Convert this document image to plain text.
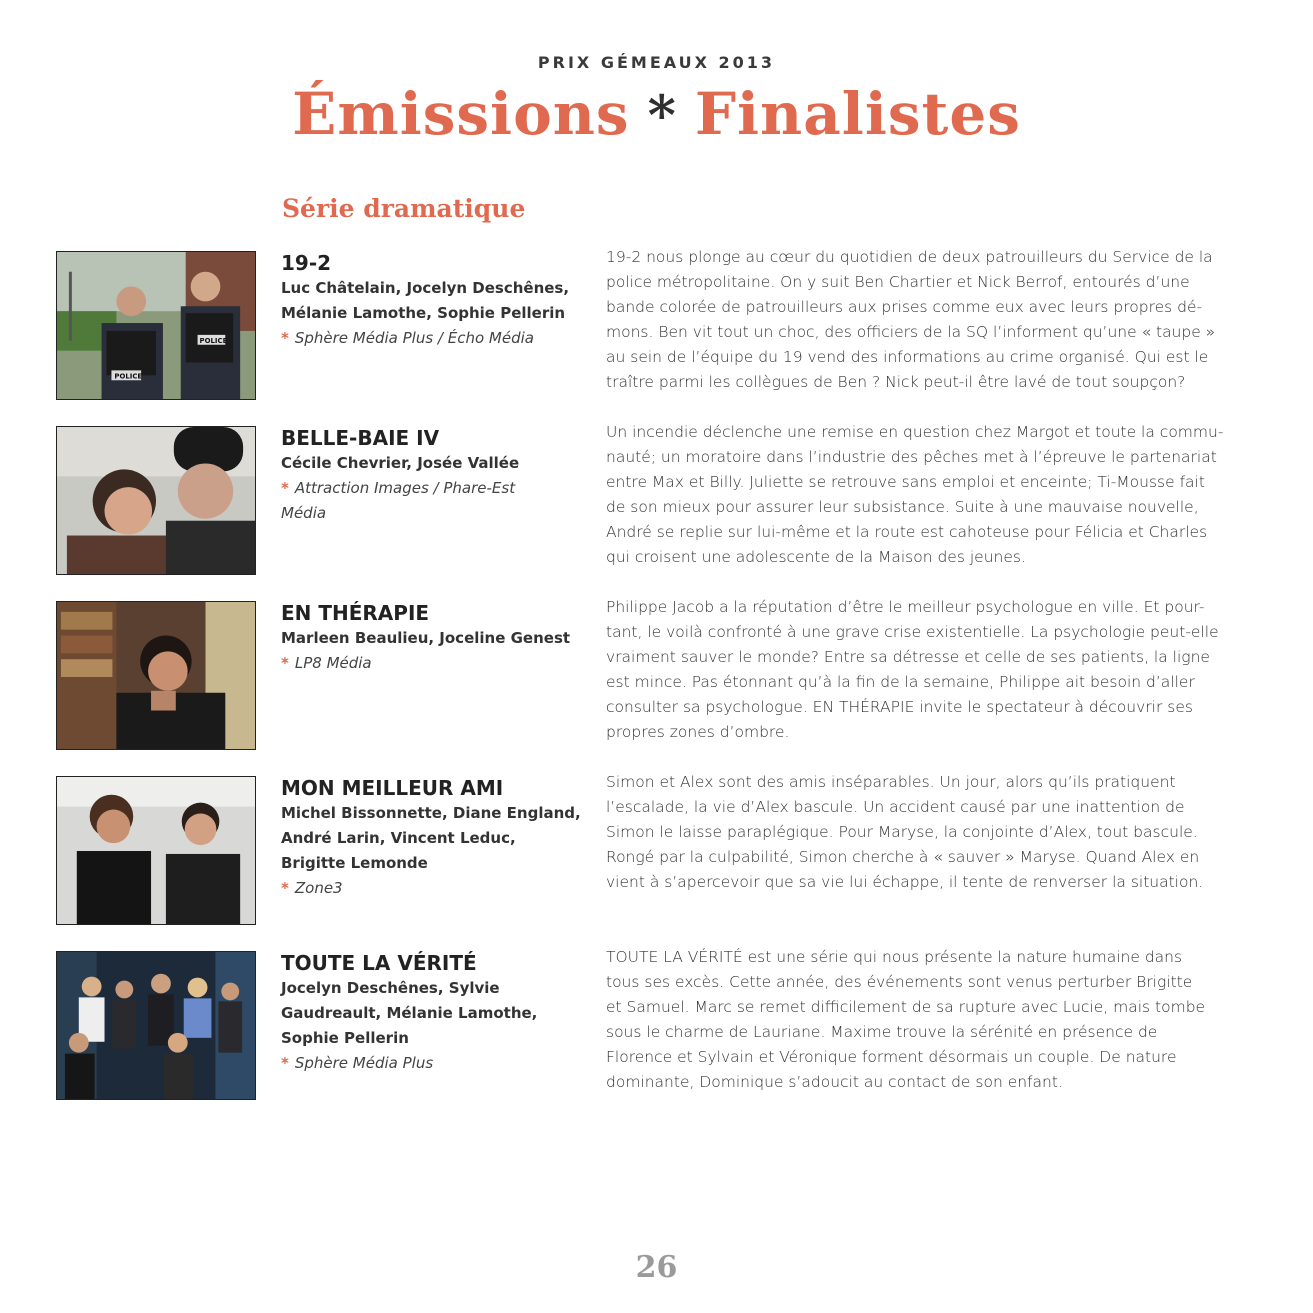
PRIX GÉMEAUX 2013
Émissions * Finalistes
Série dramatique
POLICE
POLICE
19-2
Luc Châtelain, Jocelyn Deschênes,
Mélanie Lamothe, Sophie Pellerin
* Sphère Média Plus / Écho Média
19-2 nous plonge au cœur du quotidien de deux patrouilleurs du Service de la
police métropolitaine. On y suit Ben Chartier et Nick Berrof, entourés d’une
bande colorée de patrouilleurs aux prises comme eux avec leurs propres dé-
mons. Ben vit tout un choc, des officiers de la SQ l’informent qu’une « taupe »
au sein de l’équipe du 19 vend des informations au crime organisé. Qui est le
traître parmi les collègues de Ben ? Nick peut-il être lavé de tout soupçon?
BELLE-BAIE IV
Cécile Chevrier, Josée Vallée
* Attraction Images / Phare-Est
Média
Un incendie déclenche une remise en question chez Margot et toute la commu-
nauté; un moratoire dans l’industrie des pêches met à l’épreuve le partenariat
entre Max et Billy. Juliette se retrouve sans emploi et enceinte; Ti-Mousse fait
de son mieux pour assurer leur subsistance. Suite à une mauvaise nouvelle,
André se replie sur lui-même et la route est cahoteuse pour Félicia et Charles
qui croisent une adolescente de la Maison des jeunes.
EN THÉRAPIE
Marleen Beaulieu, Joceline Genest
* LP8 Média
Philippe Jacob a la réputation d’être le meilleur psychologue en ville. Et pour-
tant, le voilà confronté à une grave crise existentielle. La psychologie peut-elle
vraiment sauver le monde? Entre sa détresse et celle de ses patients, la ligne
est mince. Pas étonnant qu’à la fin de la semaine, Philippe ait besoin d’aller
consulter sa psychologue. EN THÉRAPIE invite le spectateur à découvrir ses
propres zones d’ombre.
MON MEILLEUR AMI
Michel Bissonnette, Diane England,
André Larin, Vincent Leduc,
Brigitte Lemonde
* Zone3
Simon et Alex sont des amis inséparables. Un jour, alors qu’ils pratiquent
l’escalade, la vie d’Alex bascule. Un accident causé par une inattention de
Simon le laisse paraplégique. Pour Maryse, la conjointe d’Alex, tout bascule.
Rongé par la culpabilité, Simon cherche à « sauver » Maryse. Quand Alex en
vient à s’apercevoir que sa vie lui échappe, il tente de renverser la situation.
TOUTE LA VÉRITÉ
Jocelyn Deschênes, Sylvie
Gaudreault, Mélanie Lamothe,
Sophie Pellerin
* Sphère Média Plus
TOUTE LA VÉRITÉ est une série qui nous présente la nature humaine dans
tous ses excès. Cette année, des événements sont venus perturber Brigitte
et Samuel. Marc se remet difficilement de sa rupture avec Lucie, mais tombe
sous le charme de Lauriane. Maxime trouve la sérénité en présence de
Florence et Sylvain et Véronique forment désormais un couple. De nature
dominante, Dominique s’adoucit au contact de son enfant.
26
